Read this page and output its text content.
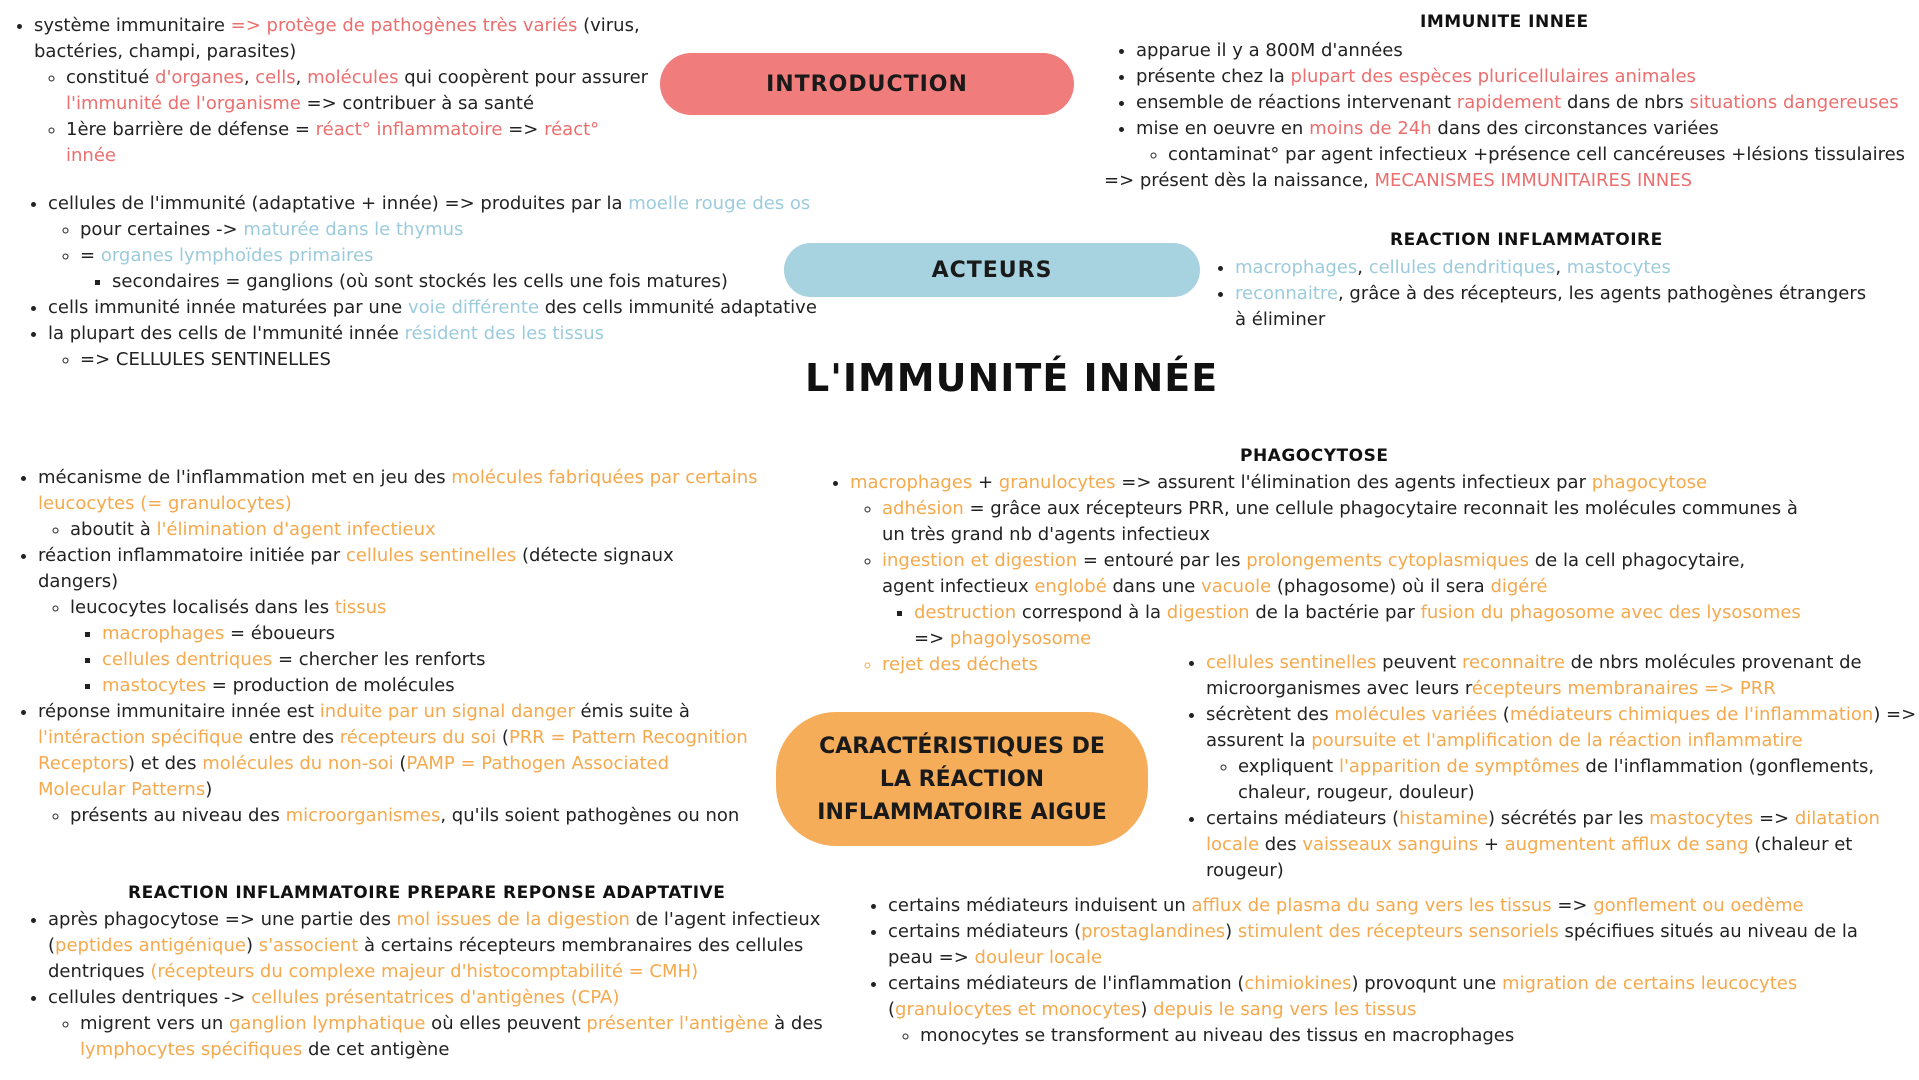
• système immunitaire => protège de pathogènes très variés (virus, bactéries, champi, parasites)
◦ constitué d'organes, cells, molécules qui coopèrent pour assurer l'immunité de l'organisme => contribuer à sa santé
◦ 1ère barrière de défense = réact° inflammatoire => réact° innée
INTRODUCTION
IMMUNITE INNEE
• apparue il y a 800M d'années
• présente chez la plupart des espèces pluricellulaires animales
• ensemble de réactions intervenant rapidement dans de nbrs situations dangereuses
• mise en oeuvre en moins de 24h dans des circonstances variées
◦ contaminat° par agent infectieux +présence cell cancéreuses +lésions tissulaires
=> présent dès la naissance, MECANISMES IMMUNITAIRES INNES
• cellules de l'immunité (adaptative + innée) => produites par la moelle rouge des os
◦ pour certaines -> maturée dans le thymus
◦ = organes lymphoïdes primaires
▪ secondaires = ganglions (où sont stockés les cells une fois matures)
• cells immunité innée maturées par une voie différente des cells immunité adaptative
• la plupart des cells de l'mmunité innée résident des les tissus
◦ => CELLULES SENTINELLES
ACTEURS
REACTION INFLAMMATOIRE
• macrophages, cellules dendritiques, mastocytes
• reconnaitre, grâce à des récepteurs, les agents pathogènes étrangers à éliminer
L'IMMUNITÉ INNÉE
• mécanisme de l'inflammation met en jeu des molécules fabriquées par certains leucocytes (= granulocytes)
◦ aboutit à l'élimination d'agent infectieux
• réaction inflammatoire initiée par cellules sentinelles (détecte signaux dangers)
◦ leucocytes localisés dans les tissus
▪ macrophages = éboueurs
▪ cellules dentriques = chercher les renforts
▪ mastocytes = production de molécules
• réponse immunitaire innée est induite par un signal danger émis suite à l'intéraction spécifique entre des récepteurs du soi (PRR = Pattern Recognition Receptors) et des molécules du non-soi (PAMP = Pathogen Associated Molecular Patterns)
◦ présents au niveau des microorganismes, qu'ils soient pathogènes ou non
PHAGOCYTOSE
• macrophages + granulocytes => assurent l'élimination des agents infectieux par phagocytose
◦ adhésion = grâce aux récepteurs PRR, une cellule phagocytaire reconnait les molécules communes à un très grand nb d'agents infectieux
◦ ingestion et digestion = entouré par les prolongements cytoplasmiques de la cell phagocytaire, agent infectieux englobé dans une vacuole (phagosome) où il sera digéré
▪ destruction correspond à la digestion de la bactérie par fusion du phagosome avec des lysosomes
=> phagolysosome
◦ rejet des déchets
CARACTÉRISTIQUES DE LA RÉACTION INFLAMMATOIRE AIGUE
• cellules sentinelles peuvent reconnaitre de nbrs molécules provenant de microorganismes avec leurs récepteurs membranaires => PRR
• sécrètent des molécules variées (médiateurs chimiques de l'inflammation) => assurent la poursuite et l'amplification de la réaction inflammatire
◦ expliquent l'apparition de symptômes de l'inflammation (gonflements, chaleur, rougeur, douleur)
• certains médiateurs (histamine) sécrétés par les mastocytes => dilatation locale des vaisseaux sanguins + augmentent afflux de sang (chaleur et rougeur)
REACTION INFLAMMATOIRE PREPARE REPONSE ADAPTATIVE
• après phagocytose => une partie des mol issues de la digestion de l'agent infectieux (peptides antigénique) s'associent à certains récepteurs membranaires des cellules dentriques (récepteurs du complexe majeur d'histocomptabilité = CMH)
• cellules dentriques -> cellules présentatrices d'antigènes (CPA)
◦ migrent vers un ganglion lymphatique où elles peuvent présenter l'antigène à des lymphocytes spécifiques de cet antigène
• certains médiateurs induisent un afflux de plasma du sang vers les tissus => gonflement ou oedème
• certains médiateurs (prostaglandines) stimulent des récepteurs sensoriels spécifiues situés au niveau de la peau => douleur locale
• certains médiateurs de l'inflammation (chimiokines) provoqunt une migration de certains leucocytes (granulocytes et monocytes) depuis le sang vers les tissus
◦ monocytes se transforment au niveau des tissus en macrophages
